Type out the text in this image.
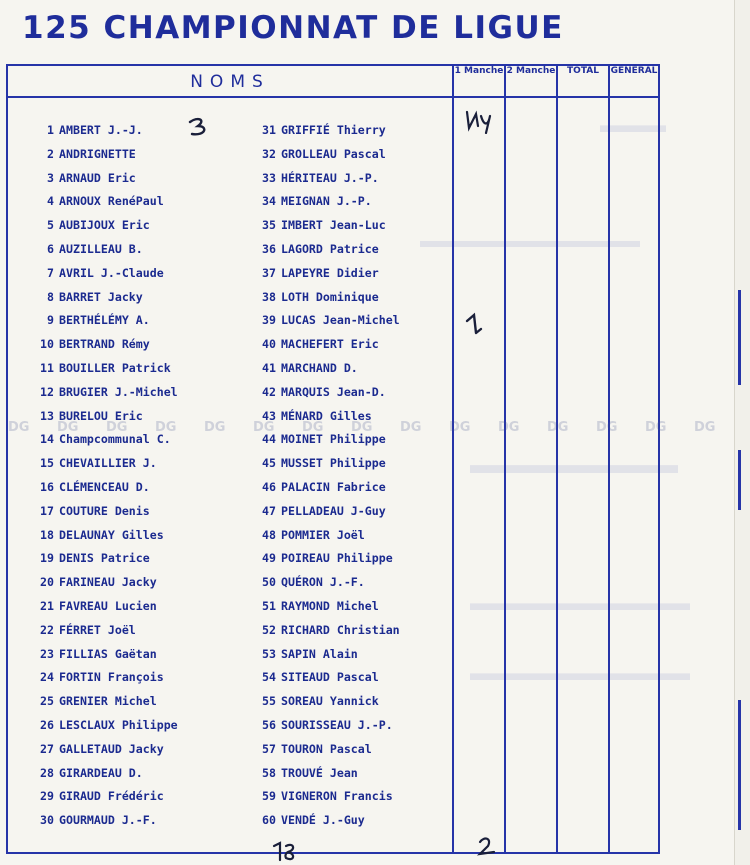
▬▬▬
▬▬▬▬▬▬▬▬▬▬▬
▬▬▬▬▬▬▬▬
▬▬▬▬▬▬▬▬▬▬
▬▬▬▬▬▬▬▬▬▬
125 CHAMPIONNAT DE LIGUE
NOMS
1 Manche 2 Manche	TOTAL	GÉNÉRAL
1 AMBERT J.-J.
2 ANDRIGNETTE
3 ARNAUD Eric
4 ARNOUX RenéPaul
5 AUBIJOUX Eric
6 AUZILLEAU B.
7 AVRIL J.-Claude
8 BARRET Jacky
9 BERTHÉLÉMY A.
10 BERTRAND Rémy
11 BOUILLER Patrick
12 BRUGIER J.-Michel
13 BURELOU Eric
14 Champcommunal C.
15 CHEVAILLIER J.
16 CLÉMENCEAU D.
17 COUTURE Denis
18 DELAUNAY Gilles
19 DENIS Patrice
20 FARINEAU Jacky
21 FAVREAU Lucien
22 FÉRRET Joël
23 FILLIAS Gaëtan
24 FORTIN François
25 GRENIER Michel
26 LESCLAUX Philippe
27 GALLETAUD Jacky
28 GIRARDEAU D.
29 GIRAUD Frédéric
30 GOURMAUD J.-F.
31 GRIFFIÉ Thierry
32 GROLLEAU Pascal
33 HÉRITEAU J.-P.
34 MEIGNAN J.-P.
35 IMBERT Jean-Luc
36 LAGORD Patrice
37 LAPEYRE Didier
38 LOTH Dominique
39 LUCAS Jean-Michel
40 MACHEFERT Eric
41 MARCHAND D.
42 MARQUIS Jean-D.
43 MÉNARD Gilles
44 MOINET Philippe
45 MUSSET Philippe
46 PALACIN Fabrice
47 PELLADEAU J-Guy
48 POMMIER Joël
49 POIREAU Philippe
50 QUÉRON J.-F.
51 RAYMOND Michel
52 RICHARD Christian
53 SAPIN Alain
54 SITEAUD Pascal
55 SOREAU Yannick
56 SOURISSEAU J.-P.
57 TOURON Pascal
58 TROUVÉ Jean
59 VIGNERON Francis
60 VENDÉ J.-Guy
DG DG DG DG DG DG DG DG DG DG DG DG DG DG DG
